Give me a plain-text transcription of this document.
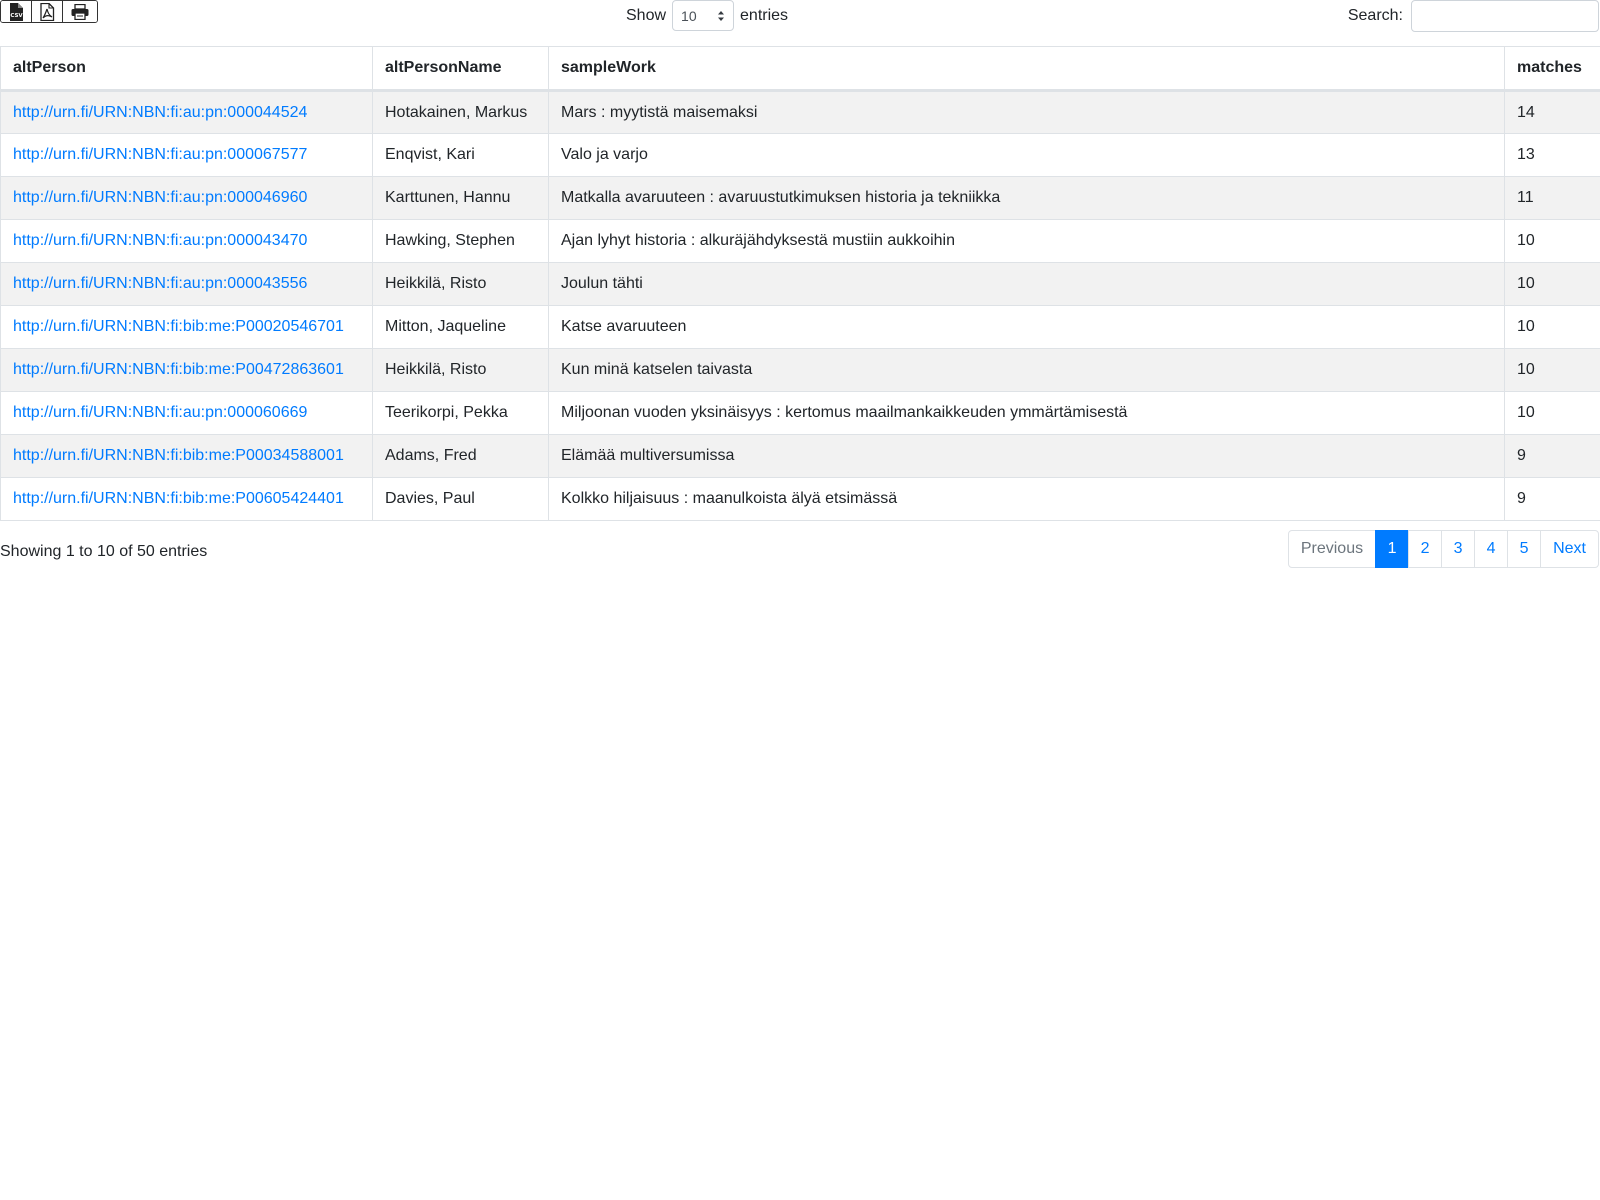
CSV	Show 10	entries	Search:
altPerson	altPersonName	sampleWork	matches
http://urn.fi/URN:NBN:fi:au:pn:000044524	Hotakainen, Markus	Mars : myytistä maisemaksi	14
http://urn.fi/URN:NBN:fi:au:pn:000067577	Enqvist, Kari	Valo ja varjo	13
http://urn.fi/URN:NBN:fi:au:pn:000046960	Karttunen, Hannu	Matkalla avaruuteen : avaruustutkimuksen historia ja tekniikka	11
http://urn.fi/URN:NBN:fi:au:pn:000043470	Hawking, Stephen	Ajan lyhyt historia : alkuräjähdyksestä mustiin aukkoihin	10
http://urn.fi/URN:NBN:fi:au:pn:000043556	Heikkilä, Risto	Joulun tähti	10
http://urn.fi/URN:NBN:fi:bib:me:P00020546701	Mitton, Jaqueline	Katse avaruuteen	10
http://urn.fi/URN:NBN:fi:bib:me:P00472863601	Heikkilä, Risto	Kun minä katselen taivasta	10
http://urn.fi/URN:NBN:fi:au:pn:000060669	Teerikorpi, Pekka	Miljoonan vuoden yksinäisyys : kertomus maailmankaikkeuden ymmärtämisestä	10
http://urn.fi/URN:NBN:fi:bib:me:P00034588001	Adams, Fred	Elämää multiversumissa	9
http://urn.fi/URN:NBN:fi:bib:me:P00605424401	Davies, Paul	Kolkko hiljaisuus : maanulkoista älyä etsimässä	9
Showing 1 to 10 of 50 entries	Previous	1	2	3	4	5	Next
